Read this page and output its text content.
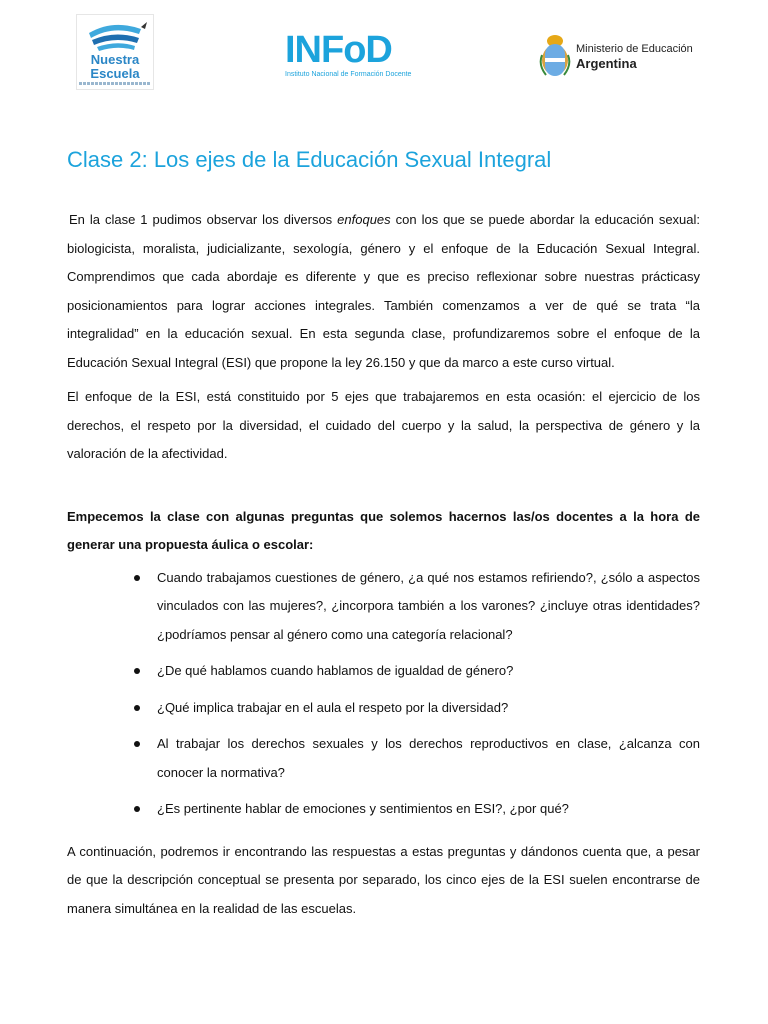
Nuestra
Escuela
INFoD
Instituto Nacional de Formación Docente
Ministerio de Educación
Argentina
Clase 2: Los ejes de la Educación Sexual Integral

En la clase 1 pudimos observar los diversos enfoques con los que se puede abordar la educación sexual: biologicista, moralista, judicializante, sexología, género y el enfoque de la Educación Sexual Integral. Comprendimos que cada abordaje es diferente y que es preciso reflexionar sobre nuestras prácticasy posicionamientos para lograr acciones integrales. También comenzamos a ver de qué se trata “la integralidad” en la educación sexual. En esta segunda clase, profundizaremos sobre el enfoque de la Educación Sexual Integral (ESI) que propone la ley 26.150 y que da marco a este curso virtual.

El enfoque de la ESI, está constituido por 5 ejes que trabajaremos en esta ocasión: el ejercicio de los derechos, el respeto por la diversidad, el cuidado del cuerpo y la salud, la perspectiva de género y la valoración de la afectividad.

Empecemos la clase con algunas preguntas que solemos hacernos las/os docentes a la hora de generar una propuesta áulica o escolar:

Cuando trabajamos cuestiones de género, ¿a qué nos estamos refiriendo?, ¿sólo a aspectos vinculados con las mujeres?, ¿incorpora también a los varones? ¿incluye otras identidades? ¿podríamos pensar al género como una categoría relacional?
¿De qué hablamos cuando hablamos de igualdad de género?
¿Qué implica trabajar en el aula el respeto por la diversidad?
Al trabajar los derechos sexuales y los derechos reproductivos en clase, ¿alcanza con conocer la normativa?
¿Es pertinente hablar de emociones y sentimientos en ESI?, ¿por qué?

A continuación, podremos ir encontrando las respuestas a estas preguntas y dándonos cuenta que, a pesar de que la descripción conceptual se presenta por separado, los cinco ejes de la ESI suelen encontrarse de manera simultánea en la realidad de las escuelas.
